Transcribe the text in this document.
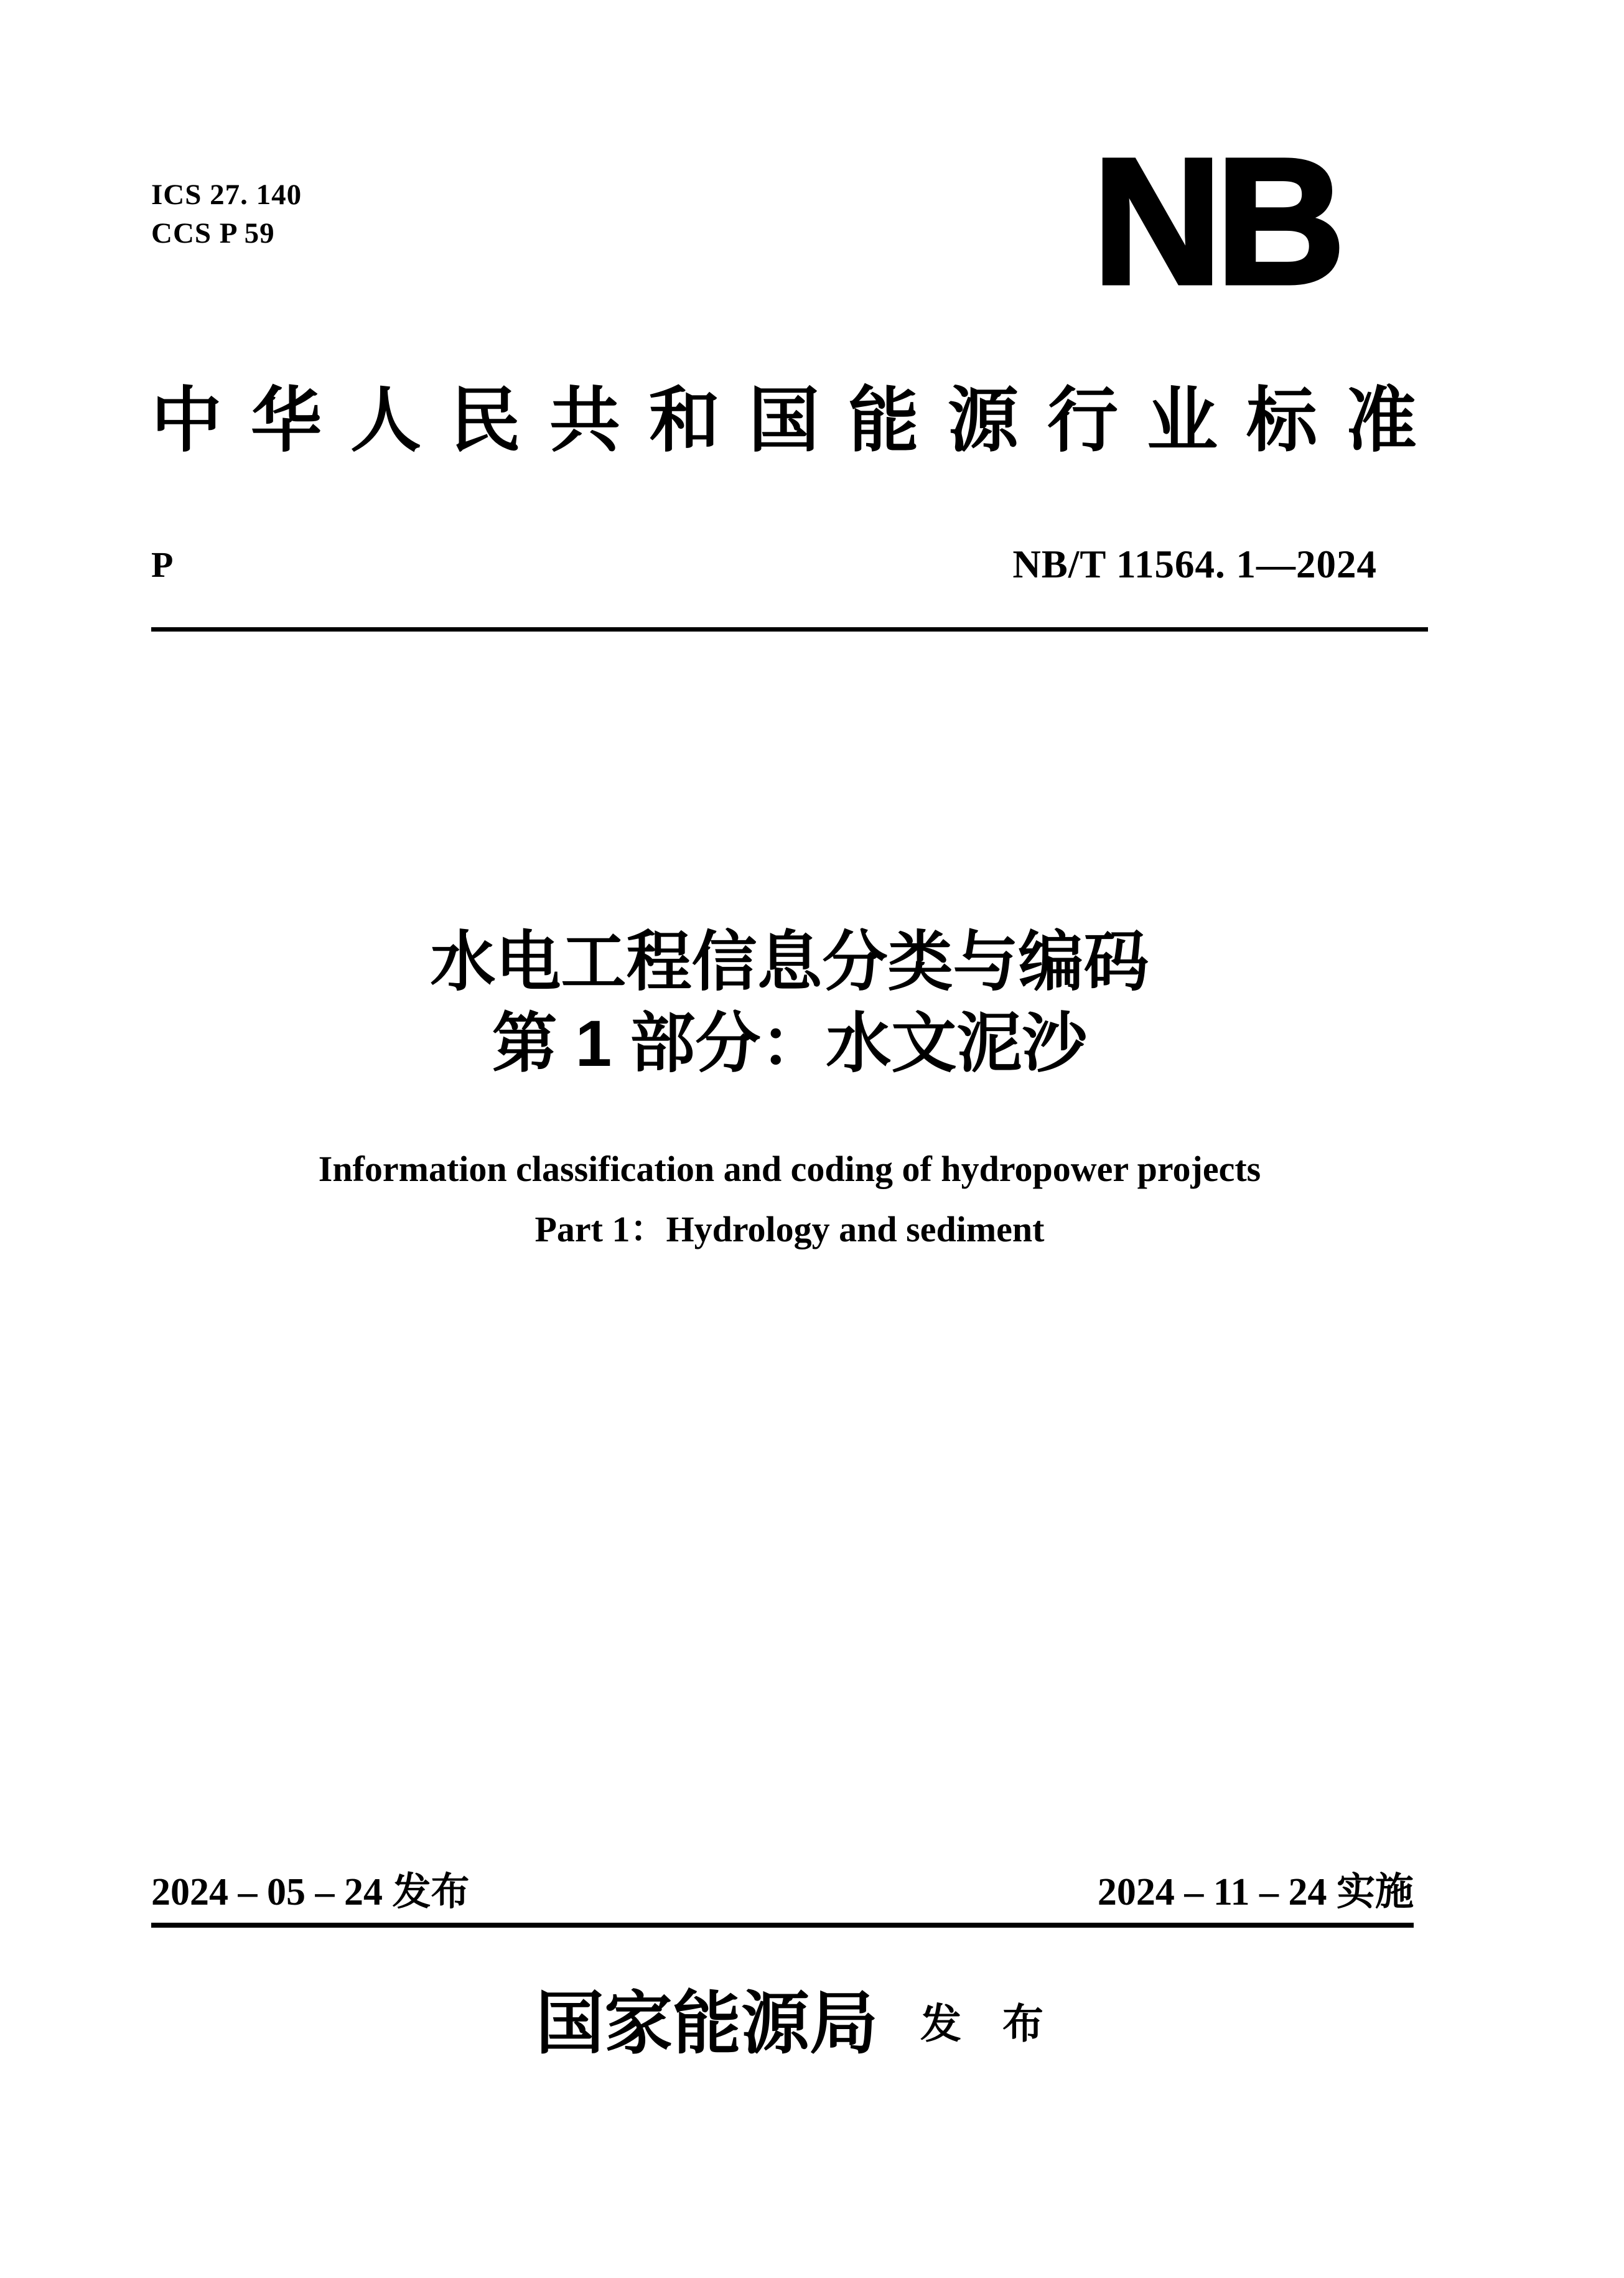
ICS 27. 140
CCS P 59	NB
中华人民共和国能源行业标准
P	NB/T 11564. 1—2024
水电工程信息分类与编码
第 1 部分：水文泥沙
Information classification and coding of hydropower projects
Part 1：Hydrology and sediment
2024 – 05 – 24 发布	2024 – 11 – 24 实施
国家能源局 发　布
